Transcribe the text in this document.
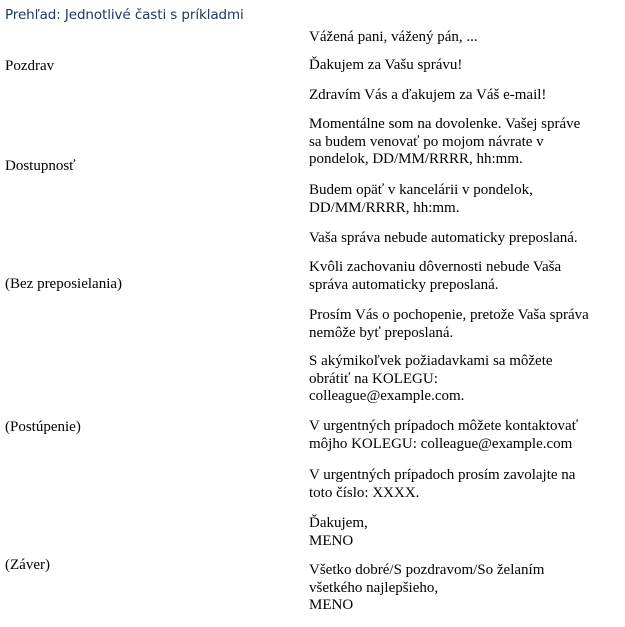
Prehľad: Jednotlivé časti s príkladmi
Pozdrav
Dostupnosť
(Bez preposielania)
(Postúpenie)
(Záver)
Vážená pani, vážený pán, ...
Ďakujem za Vašu správu!
Zdravím Vás a ďakujem za Váš e-mail!
Momentálne som na dovolenke. Vašej správe
sa budem venovať po mojom návrate v
pondelok, DD/MM/RRRR, hh:mm.
Budem opäť v kancelárii v pondelok,
DD/MM/RRRR, hh:mm.
Vaša správa nebude automaticky preposlaná.
Kvôli zachovaniu dôvernosti nebude Vaša
správa automaticky preposlaná.
Prosím Vás o pochopenie, pretože Vaša správa
nemôže byť preposlaná.
S akýmikoľvek požiadavkami sa môžete
obrátiť na KOLEGU:
colleague@example.com.
V urgentných prípadoch môžete kontaktovať
môjho KOLEGU: colleague@example.com
V urgentných prípadoch prosím zavolajte na
toto číslo: XXXX.
Ďakujem,
MENO
Všetko dobré/S pozdravom/So želaním
všetkého najlepšieho,
MENO
